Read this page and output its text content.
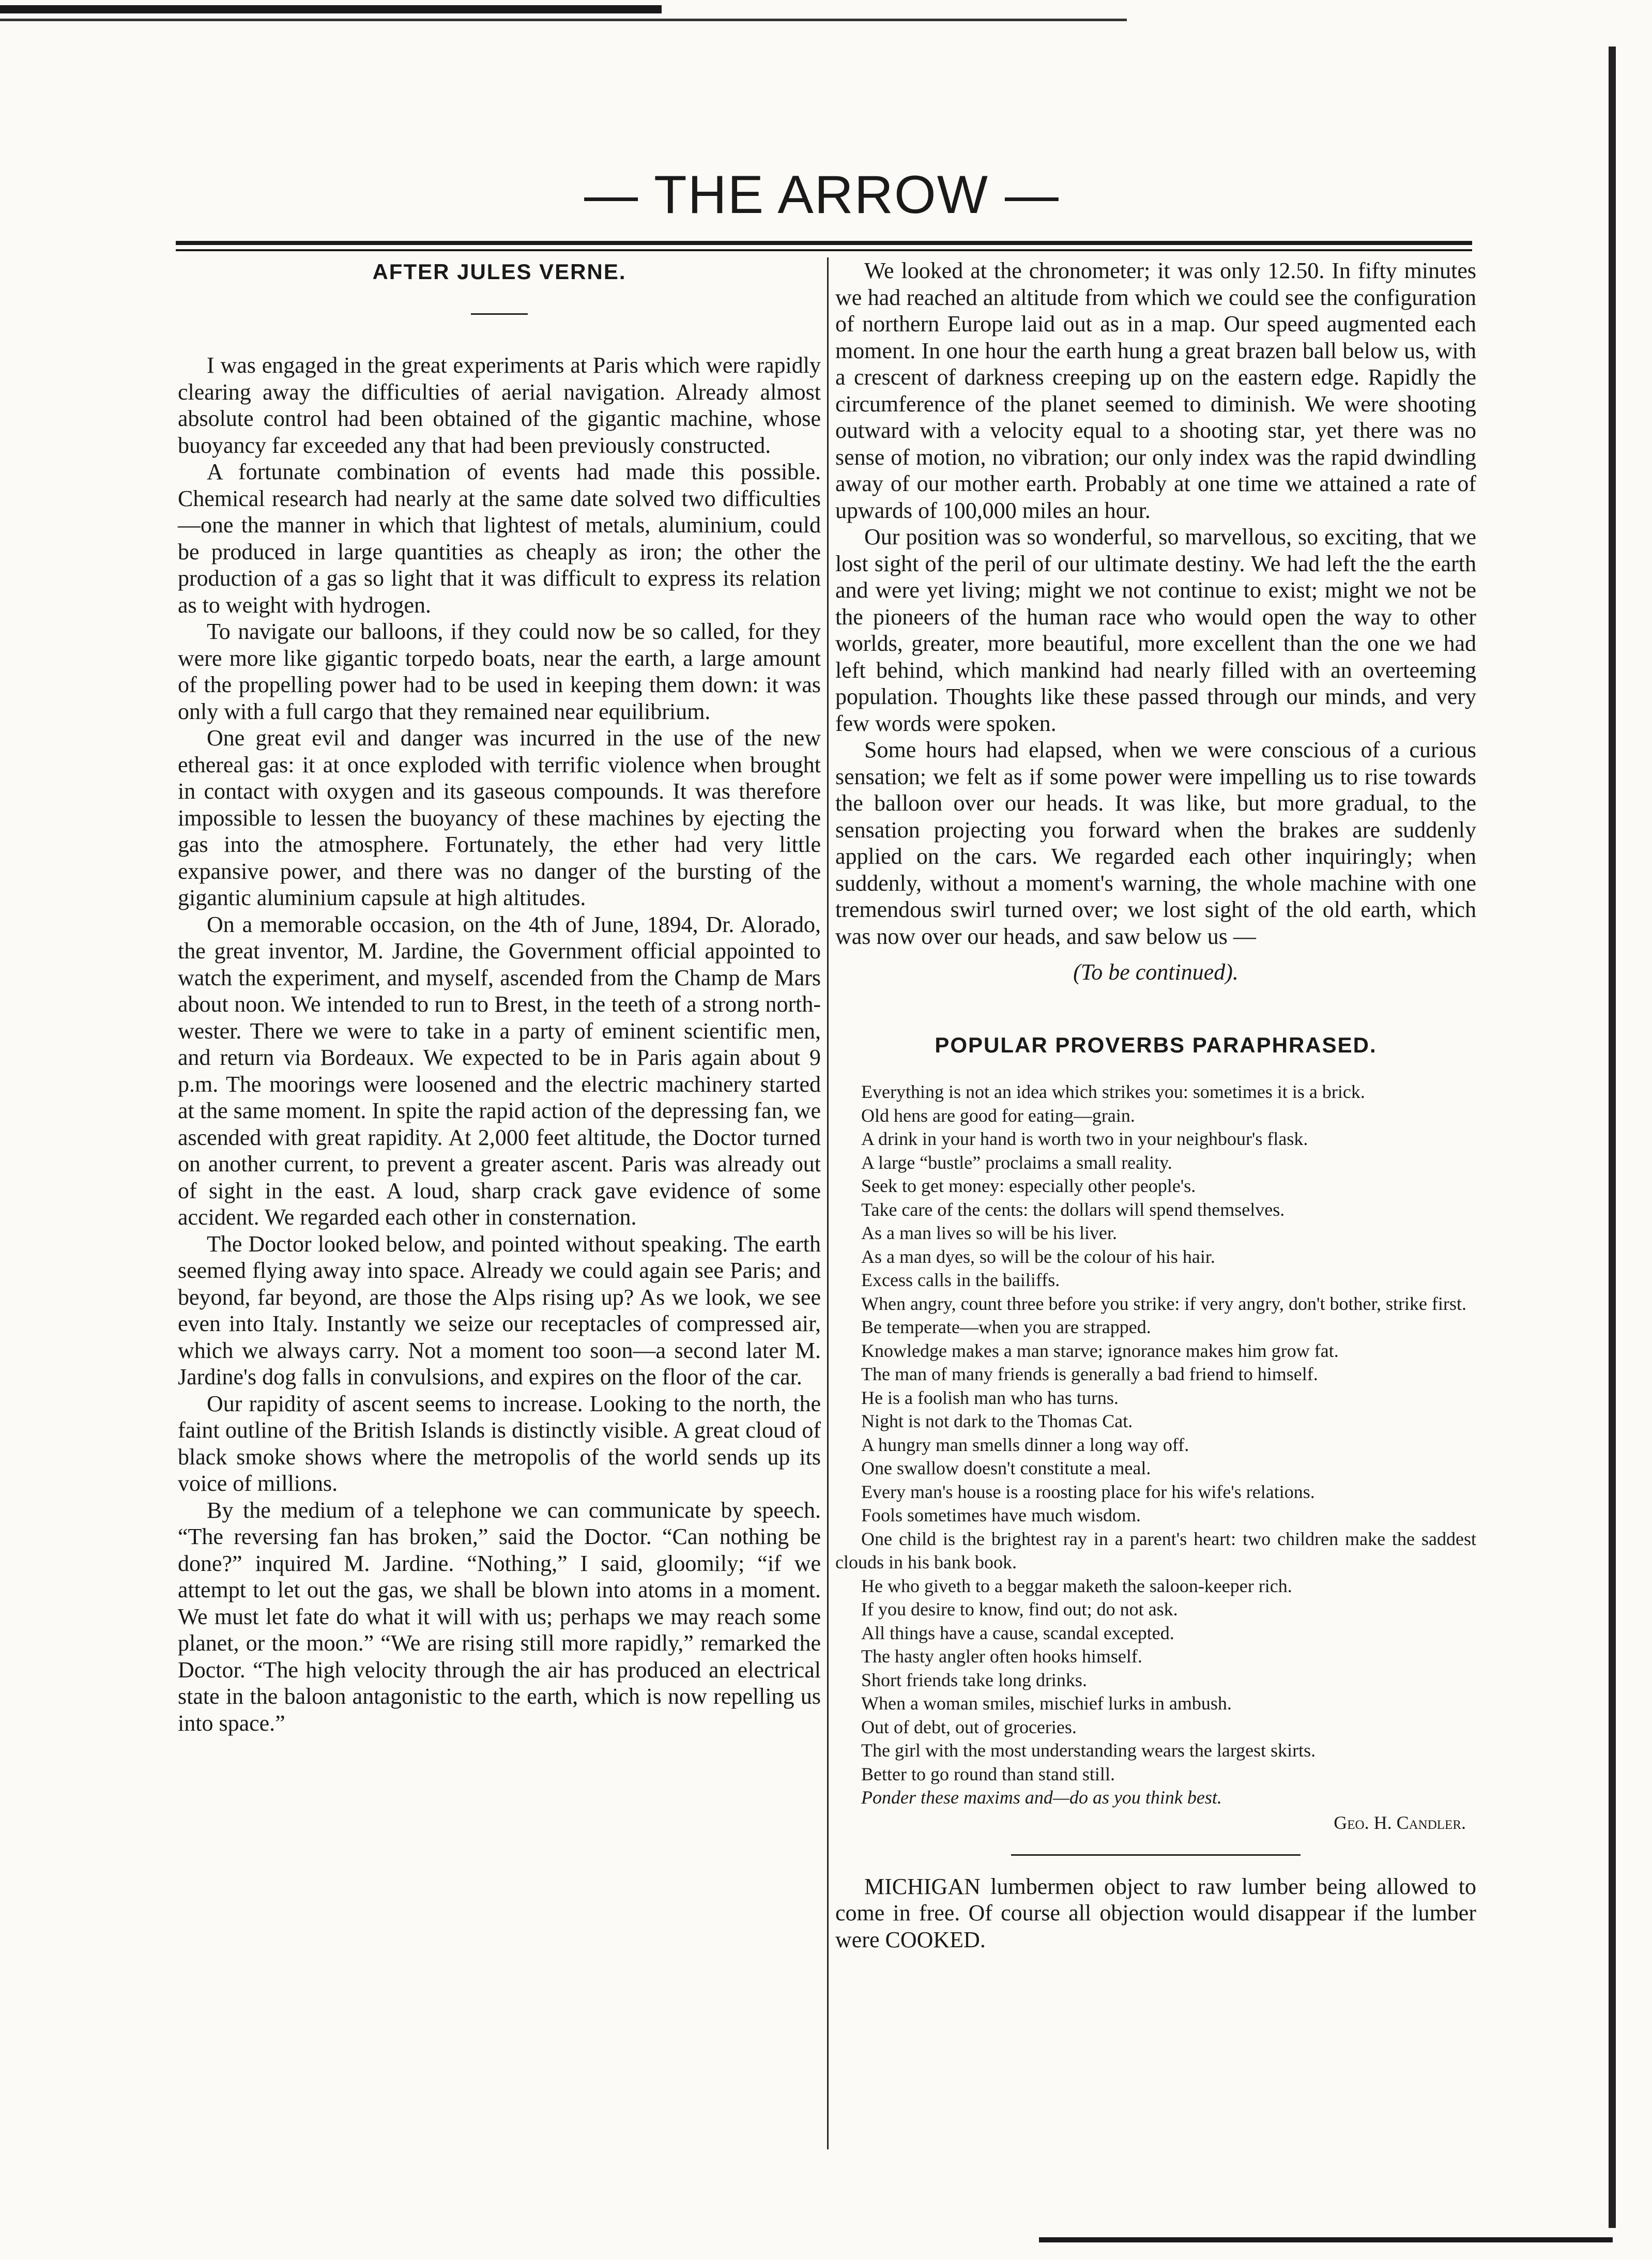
— THE ARROW —
AFTER JULES VERNE.

I was engaged in the great experiments at Paris which were rapidly clearing away the difficulties of aerial navigation. Already almost absolute control had been obtained of the gigantic machine, whose buoyancy far exceeded any that had been previously constructed.

A fortunate combination of events had made this possible. Chemical research had nearly at the same date solved two difficulties—one the manner in which that lightest of metals, aluminium, could be produced in large quantities as cheaply as iron; the other the production of a gas so light that it was difficult to express its relation as to weight with hydrogen.

To navigate our balloons, if they could now be so called, for they were more like gigantic torpedo boats, near the earth, a large amount of the propelling power had to be used in keeping them down: it was only with a full cargo that they remained near equilibrium.

One great evil and danger was incurred in the use of the new ethereal gas: it at once exploded with terrific violence when brought in contact with oxygen and its gaseous compounds. It was therefore impossible to lessen the buoyancy of these machines by ejecting the gas into the atmosphere. Fortunately, the ether had very little expansive power, and there was no danger of the bursting of the gigantic aluminium capsule at high altitudes.

On a memorable occasion, on the 4th of June, 1894, Dr. Alorado, the great inventor, M. Jardine, the Government official appointed to watch the experiment, and myself, ascended from the Champ de Mars about noon. We intended to run to Brest, in the teeth of a strong north-wester. There we were to take in a party of eminent scientific men, and return via Bordeaux. We expected to be in Paris again about 9 p.m. The moorings were loosened and the electric machinery started at the same moment. In spite the rapid action of the depressing fan, we ascended with great rapidity. At 2,000 feet altitude, the Doctor turned on another current, to prevent a greater ascent. Paris was already out of sight in the east. A loud, sharp crack gave evidence of some accident. We regarded each other in consternation.

The Doctor looked below, and pointed without speaking. The earth seemed flying away into space. Already we could again see Paris; and beyond, far beyond, are those the Alps rising up? As we look, we see even into Italy. Instantly we seize our receptacles of compressed air, which we always carry. Not a moment too soon—a second later M. Jardine's dog falls in convulsions, and expires on the floor of the car.

Our rapidity of ascent seems to increase. Looking to the north, the faint outline of the British Islands is distinctly visible. A great cloud of black smoke shows where the metropolis of the world sends up its voice of millions.

By the medium of a telephone we can communicate by speech. “The reversing fan has broken,” said the Doctor. “Can nothing be done?” inquired M. Jardine. “Nothing,” I said, gloomily; “if we attempt to let out the gas, we shall be blown into atoms in a moment. We must let fate do what it will with us; perhaps we may reach some planet, or the moon.” “We are rising still more rapidly,” remarked the Doctor. “The high velocity through the air has produced an electrical state in the baloon antagonistic to the earth, which is now repelling us into space.”

We looked at the chronometer; it was only 12.50. In fifty minutes we had reached an altitude from which we could see the configuration of northern Europe laid out as in a map. Our speed augmented each moment. In one hour the earth hung a great brazen ball below us, with a crescent of darkness creeping up on the eastern edge. Rapidly the circumference of the planet seemed to diminish. We were shooting outward with a velocity equal to a shooting star, yet there was no sense of motion, no vibration; our only index was the rapid dwindling away of our mother earth. Probably at one time we attained a rate of upwards of 100,000 miles an hour.

Our position was so wonderful, so marvellous, so exciting, that we lost sight of the peril of our ultimate destiny. We had left the the earth and were yet living; might we not continue to exist; might we not be the pioneers of the human race who would open the way to other worlds, greater, more beautiful, more excellent than the one we had left behind, which mankind had nearly filled with an overteeming population. Thoughts like these passed through our minds, and very few words were spoken.

Some hours had elapsed, when we were conscious of a curious sensation; we felt as if some power were impelling us to rise towards the balloon over our heads. It was like, but more gradual, to the sensation projecting you forward when the brakes are suddenly applied on the cars. We regarded each other inquiringly; when suddenly, without a moment's warning, the whole machine with one tremendous swirl turned over; we lost sight of the old earth, which was now over our heads, and saw below us —

(To be continued).

POPULAR PROVERBS PARAPHRASED.
Everything is not an idea which strikes you: sometimes it is a brick.
Old hens are good for eating—grain.
A drink in your hand is worth two in your neighbour's flask.
A large “bustle” proclaims a small reality.
Seek to get money: especially other people's.
Take care of the cents: the dollars will spend themselves.
As a man lives so will be his liver.
As a man dyes, so will be the colour of his hair.
Excess calls in the bailiffs.
When angry, count three before you strike: if very angry, don't bother, strike first.
Be temperate—when you are strapped.
Knowledge makes a man starve; ignorance makes him grow fat.
The man of many friends is generally a bad friend to himself.
He is a foolish man who has turns.
Night is not dark to the Thomas Cat.
A hungry man smells dinner a long way off.
One swallow doesn't constitute a meal.
Every man's house is a roosting place for his wife's relations.
Fools sometimes have much wisdom.
One child is the brightest ray in a parent's heart: two children make the saddest clouds in his bank book.
He who giveth to a beggar maketh the saloon-keeper rich.
If you desire to know, find out; do not ask.
All things have a cause, scandal excepted.
The hasty angler often hooks himself.
Short friends take long drinks.
When a woman smiles, mischief lurks in ambush.
Out of debt, out of groceries.
The girl with the most understanding wears the largest skirts.
Better to go round than stand still.
Ponder these maxims and—do as you think best.

Geo. H. Candler.

MICHIGAN lumbermen object to raw lumber being allowed to come in free. Of course all objection would disappear if the lumber were COOKED.
